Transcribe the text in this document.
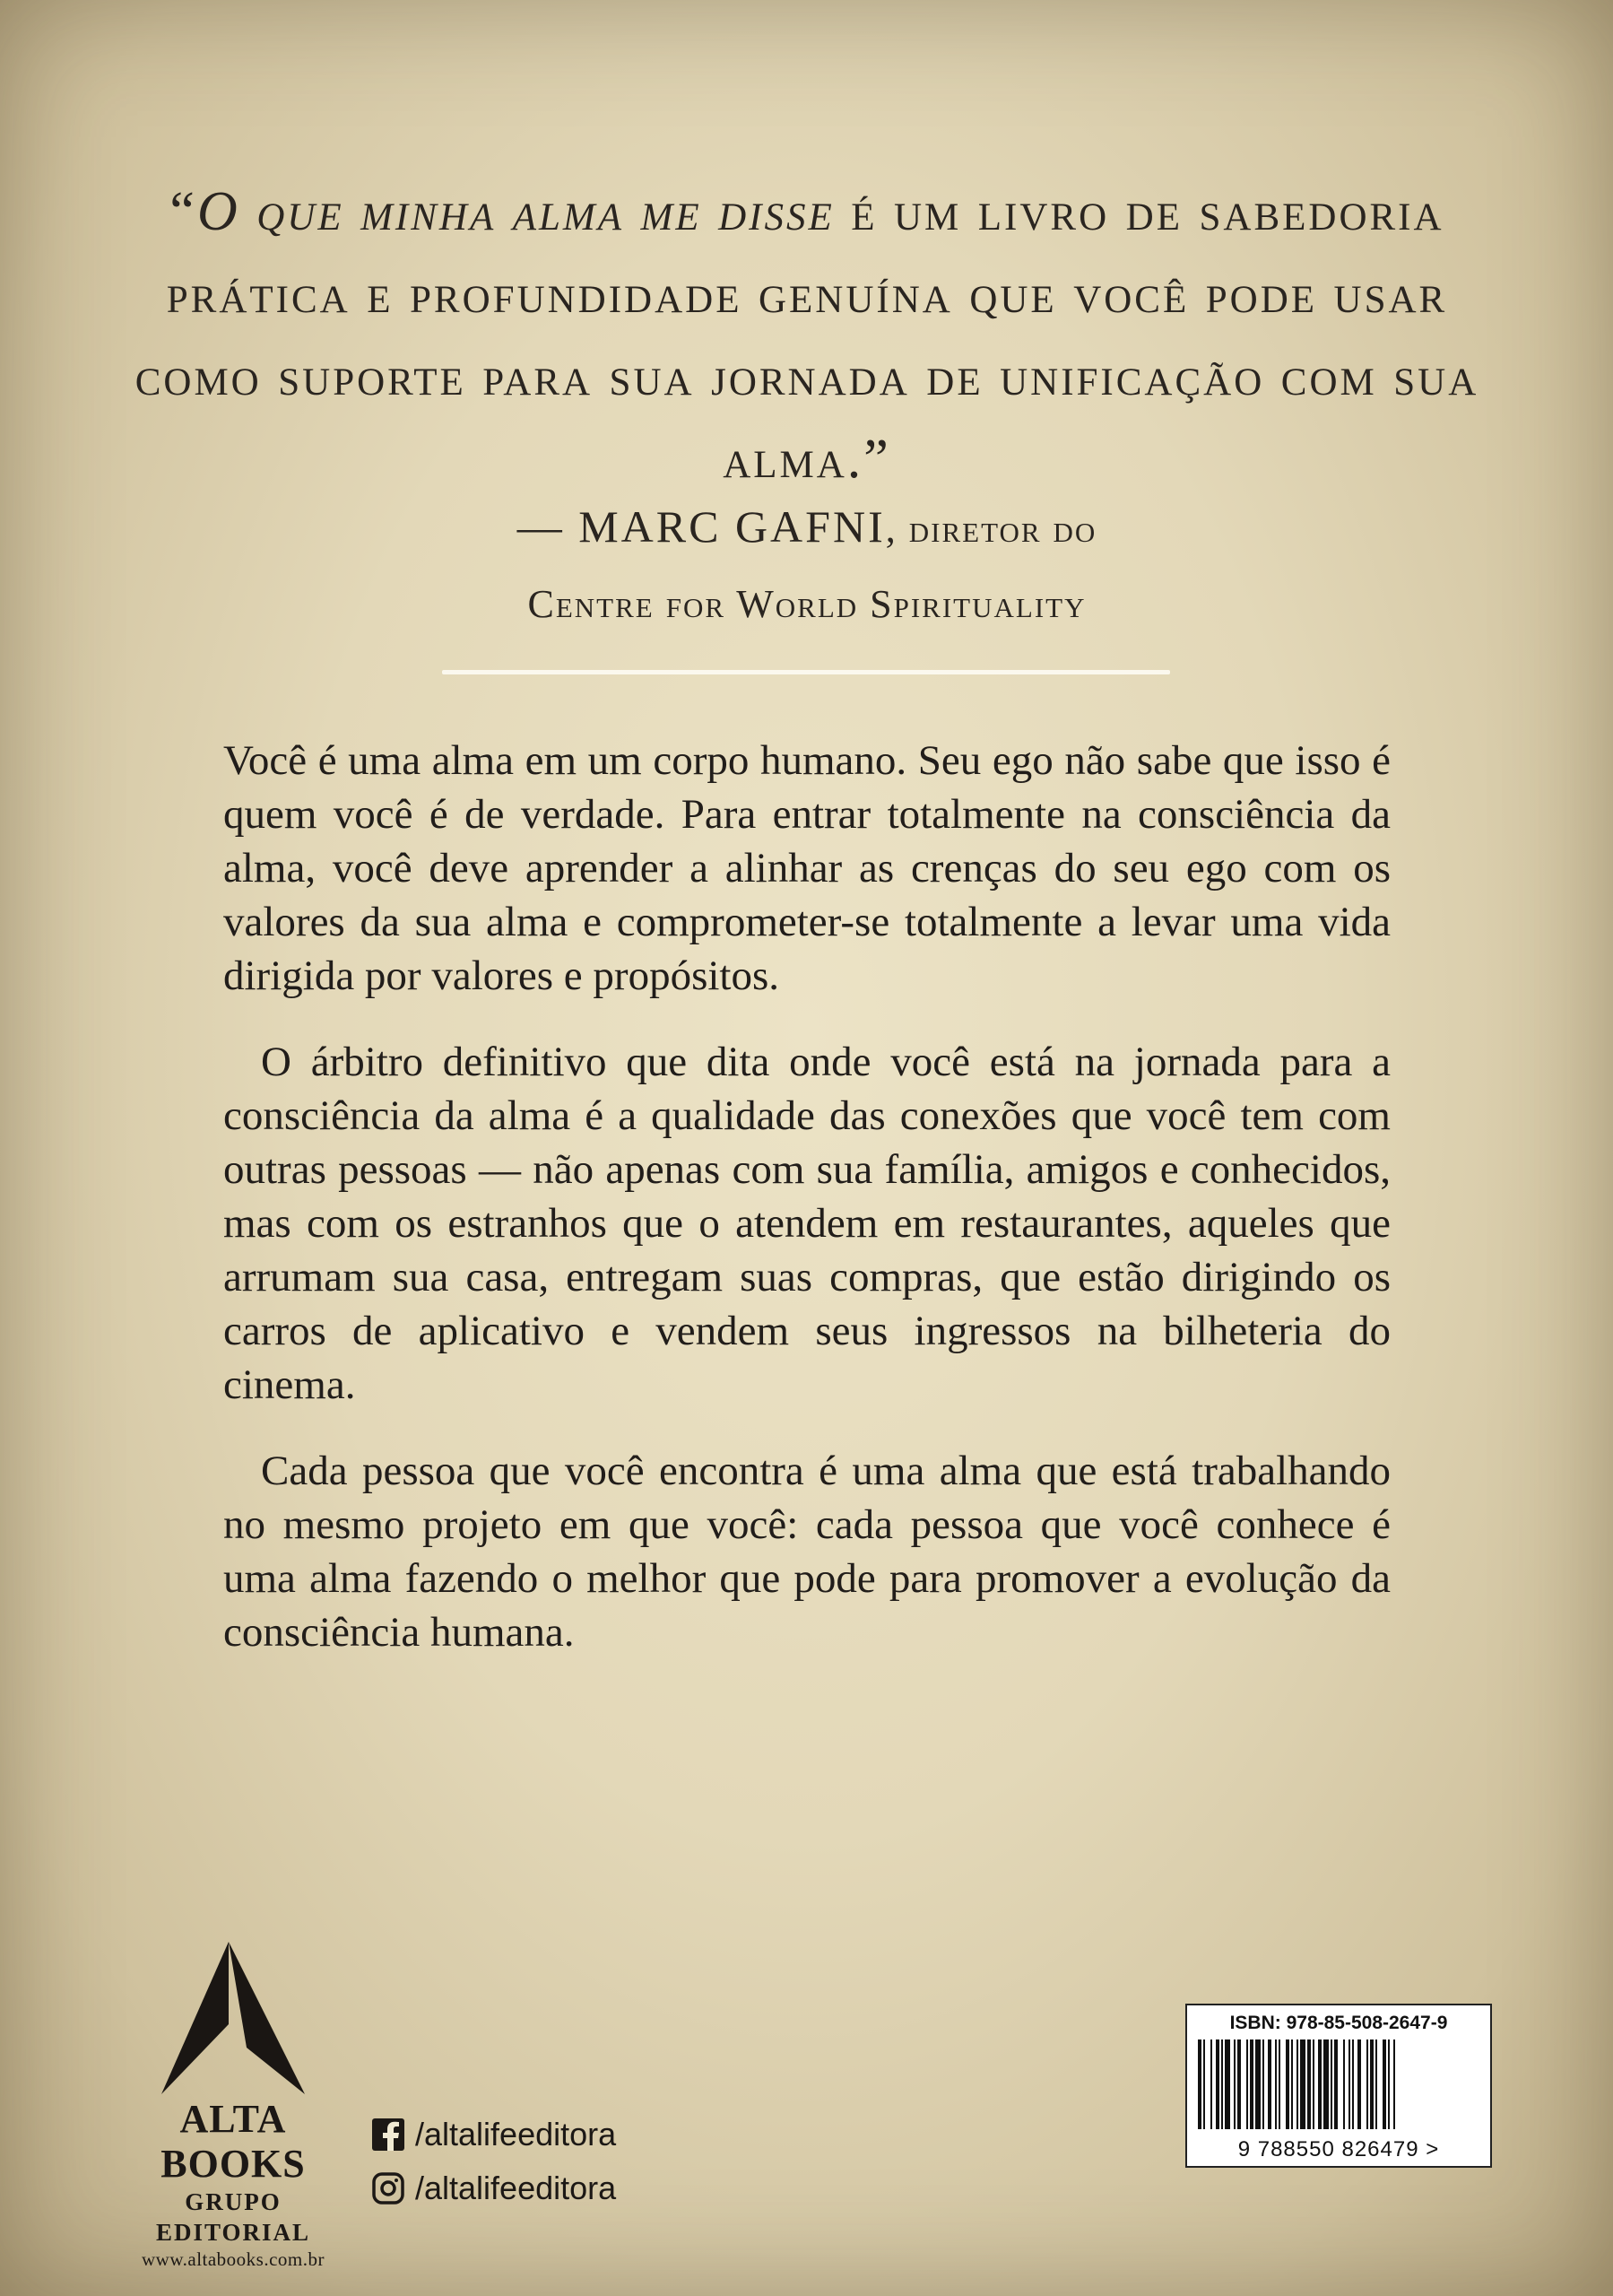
“O que minha alma me disse é um livro de sabedoria prática e profundidade genuína que você pode usar como suporte para sua jornada de unificação com sua alma.”

— MARC GAFNI, diretor do
Centre for World Spirituality

Você é uma alma em um corpo humano. Seu ego não sabe que isso é quem você é de verdade. Para entrar totalmente na consciência da alma, você deve aprender a alinhar as crenças do seu ego com os valores da sua alma e comprometer-se totalmente a levar uma vida dirigida por valores e propósitos.

O árbitro definitivo que dita onde você está na jornada para a consciência da alma é a qualidade das conexões que você tem com outras pessoas — não apenas com sua família, amigos e conhecidos, mas com os estranhos que o atendem em restaurantes, aqueles que arrumam sua casa, entregam suas compras, que estão dirigindo os carros de aplicativo e vendem seus ingressos na bilheteria do cinema.

Cada pessoa que você encontra é uma alma que está trabalhando no mesmo projeto em que você: cada pessoa que você conhece é uma alma fazendo o melhor que pode para promover a evolução da consciência humana.

ALTA BOOKS
GRUPO EDITORIAL
www.altabooks.com.br
/altalifeeditora
/altalifeeditora
ISBN: 978-85-508-2647-9
9 788550 826479 >
